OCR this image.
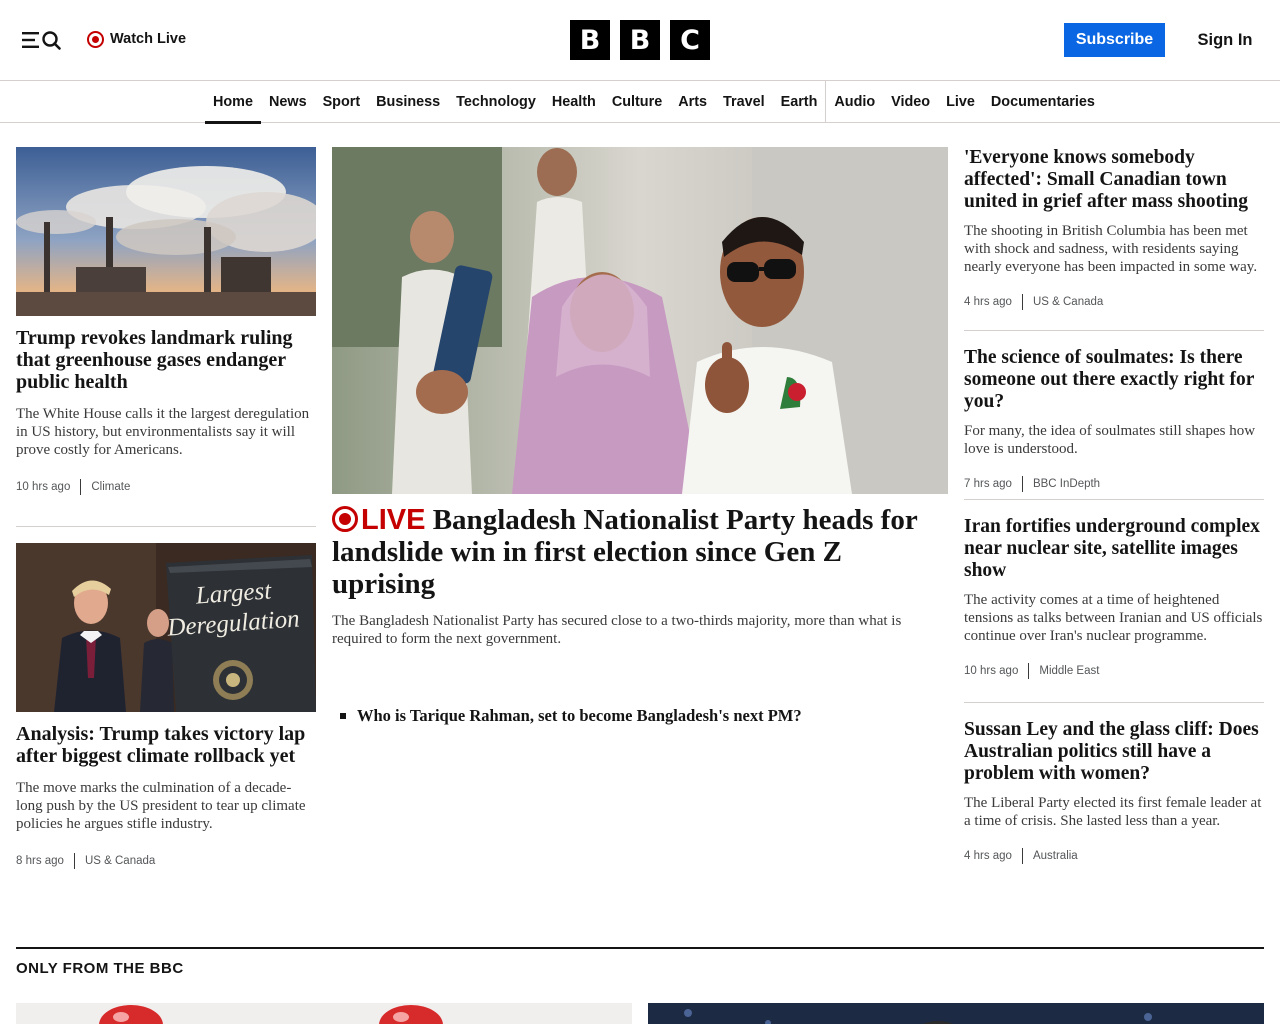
Watch Live	B	B	C	Subscribe	Sign In
Home	News	Sport	Business	Technology	Health	Culture	Arts	Travel	Earth	Audio	Video	Live	Documentaries
Trump revokes landmark ruling that greenhouse gases endanger public health

The White House calls it the largest deregulation in US history, but environmentalists say it will prove costly for Americans.

10 hrs ago Climate
Largest
Deregulation
Analysis: Trump takes victory lap after biggest climate rollback yet

The move marks the culmination of a decade-long push by the US president to tear up climate policies he argues stifle industry.

8 hrs ago US & Canada
LIVE Bangladesh Nationalist Party heads for landslide win in first election since Gen Z uprising

The Bangladesh Nationalist Party has secured close to a two-thirds majority, more than what is required to form the next government.

Who is Tarique Rahman, set to become Bangladesh's next PM?
'Everyone knows somebody affected': Small Canadian town united in grief after mass shooting

The shooting in British Columbia has been met with shock and sadness, with residents saying nearly everyone has been impacted in some way.

4 hrs ago US & Canada
The science of soulmates: Is there someone out there exactly right for you?

For many, the idea of soulmates still shapes how love is understood.

7 hrs ago BBC InDepth
Iran fortifies underground complex near nuclear site, satellite images show

The activity comes at a time of heightened tensions as talks between Iranian and US officials continue over Iran's nuclear programme.

10 hrs ago Middle East
Sussan Ley and the glass cliff: Does Australian politics still have a problem with women?

The Liberal Party elected its first female leader at a time of crisis. She lasted less than a year.

4 hrs ago Australia
ONLY FROM THE BBC
